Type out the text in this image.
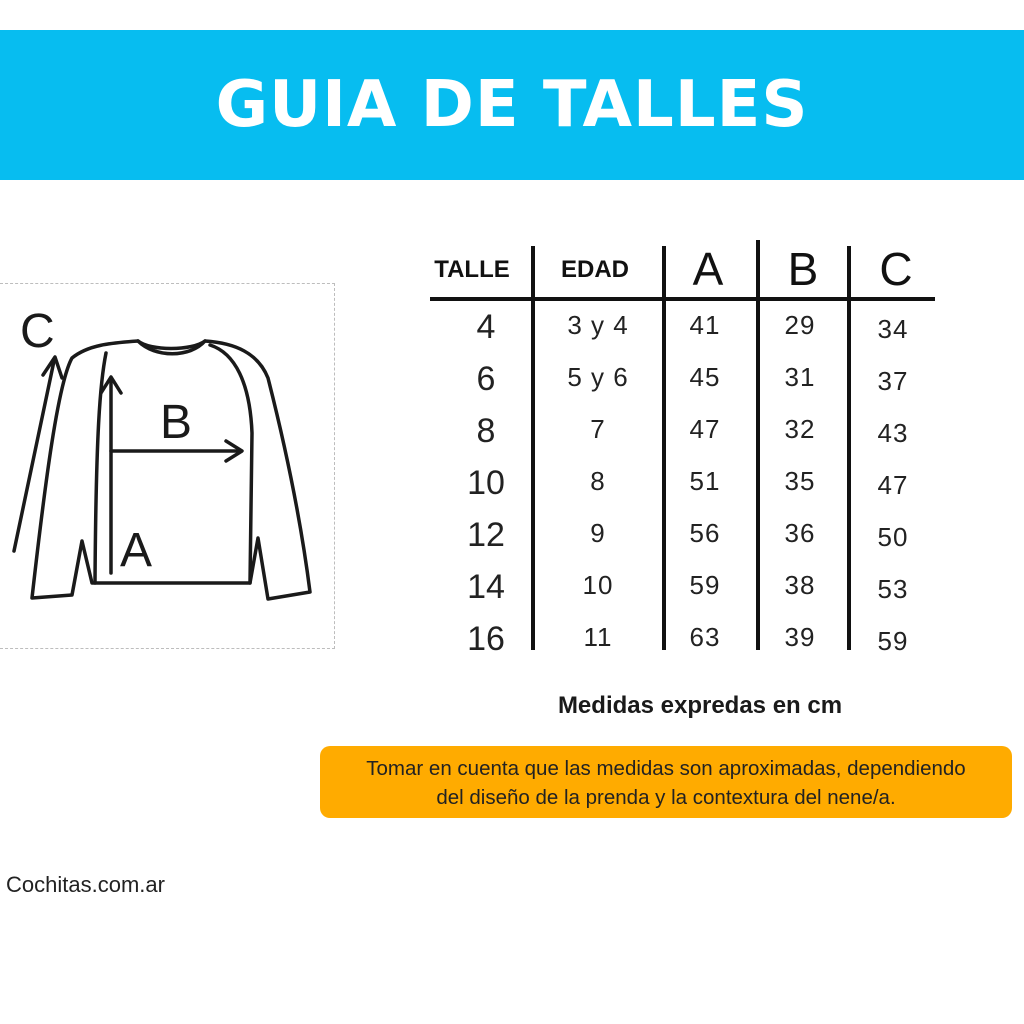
GUIA DE TALLES
C
B
A
TALLE	EDAD	A	B	C
4	3 y 4	41	29	34
6	5 y 6	45	31	37
8	7	47	32	43
10	8	51	35	47
12	9	56	36	50
14	10	59	38	53
16	11	63	39	59
Medidas expredas en cm
Tomar en cuenta que las medidas son aproximadas, dependiendo
del diseño de la prenda y la contextura del nene/a.
Cochitas.com.ar
